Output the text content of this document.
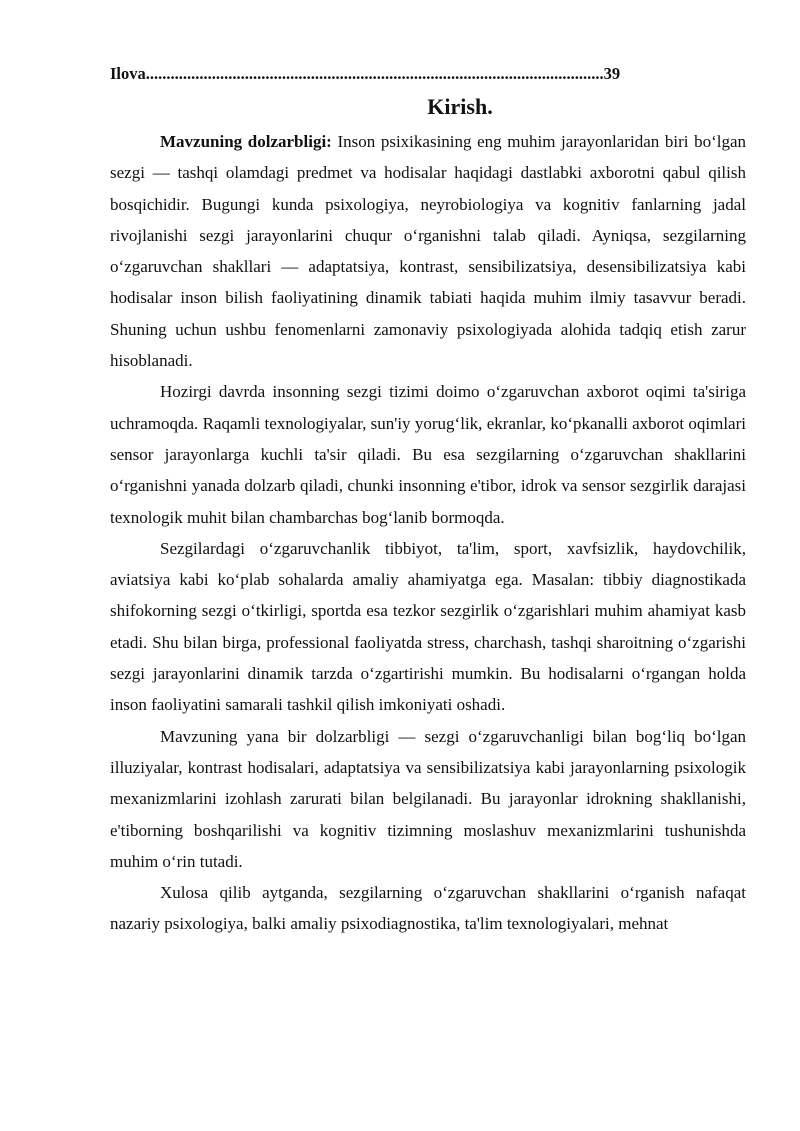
Ilova...............................................................................................................39
Kirish.

Mavzuning dolzarbligi: Inson psixikasining eng muhim jarayonlaridan biri bo‘lgan sezgi — tashqi olamdagi predmet va hodisalar haqidagi dastlabki axborotni qabul qilish bosqichidir. Bugungi kunda psixologiya, neyrobiologiya va kognitiv fanlarning jadal rivojlanishi sezgi jarayonlarini chuqur o‘rganishni talab qiladi. Ayniqsa, sezgilarning o‘zgaruvchan shakllari — adaptatsiya, kontrast, sensibilizatsiya, desensibilizatsiya kabi hodisalar inson bilish faoliyatining dinamik tabiati haqida muhim ilmiy tasavvur beradi. Shuning uchun ushbu fenomenlarni zamonaviy psixologiyada alohida tadqiq etish zarur hisoblanadi.

Hozirgi davrda insonning sezgi tizimi doimo o‘zgaruvchan axborot oqimi ta'siriga uchramoqda. Raqamli texnologiyalar, sun'iy yorug‘lik, ekranlar, ko‘pkanalli axborot oqimlari sensor jarayonlarga kuchli ta'sir qiladi. Bu esa sezgilarning o‘zgaruvchan shakllarini o‘rganishni yanada dolzarb qiladi, chunki insonning e'tibor, idrok va sensor sezgirlik darajasi texnologik muhit bilan chambarchas bog‘lanib bormoqda.

Sezgilardagi o‘zgaruvchanlik tibbiyot, ta'lim, sport, xavfsizlik, haydovchilik, aviatsiya kabi ko‘plab sohalarda amaliy ahamiyatga ega. Masalan: tibbiy diagnostikada shifokorning sezgi o‘tkirligi, sportda esa tezkor sezgirlik o‘zgarishlari muhim ahamiyat kasb etadi. Shu bilan birga, professional faoliyatda stress, charchash, tashqi sharoitning o‘zgarishi sezgi jarayonlarini dinamik tarzda o‘zgartirishi mumkin. Bu hodisalarni o‘rgangan holda inson faoliyatini samarali tashkil qilish imkoniyati oshadi.

Mavzuning yana bir dolzarbligi — sezgi o‘zgaruvchanligi bilan bog‘liq bo‘lgan illuziyalar, kontrast hodisalari, adaptatsiya va sensibilizatsiya kabi jarayonlarning psixologik mexanizmlarini izohlash zarurati bilan belgilanadi. Bu jarayonlar idrokning shakllanishi, e'tiborning boshqarilishi va kognitiv tizimning moslashuv mexanizmlarini tushunishda muhim o‘rin tutadi.

Xulosa qilib aytganda, sezgilarning o‘zgaruvchan shakllarini o‘rganish nafaqat nazariy psixologiya, balki amaliy psixodiagnostika, ta'lim texnologiyalari, mehnat
